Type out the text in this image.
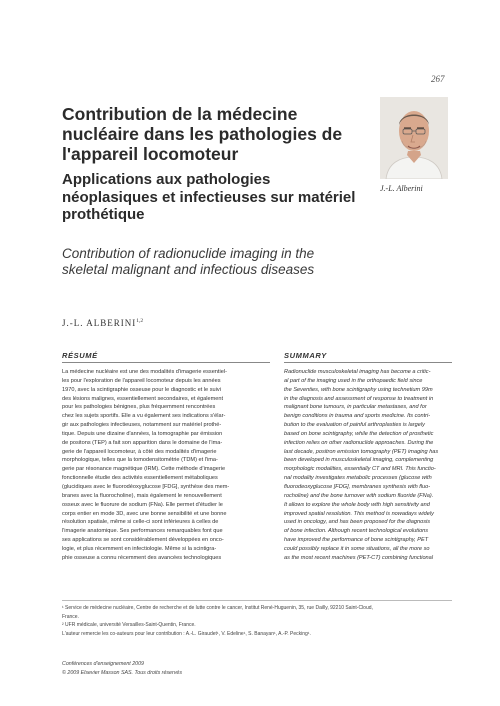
267
Contribution de la médecine nucléaire dans les pathologies de l'appareil locomoteur
Applications aux pathologies néoplasiques et infectieuses sur matériel prothétique
Contribution of radionuclide imaging in the skeletal malignant and infectious diseases
J.-L. Alberini
J.-L. ALBERINI$^{1,2}$
RÉSUMÉ	SUMMARY
La médecine nucléaire est une des modalités d'imagerie essentiel-
les pour l'exploration de l'appareil locomoteur depuis les années
1970, avec la scintigraphie osseuse pour le diagnostic et le suivi
des lésions malignes, essentiellement secondaires, et également
pour les pathologies bénignes, plus fréquemment rencontrées
chez les sujets sportifs. Elle a vu également ses indications s'élar-
gir aux pathologies infectieuses, notamment sur matériel prothé-
tique. Depuis une dizaine d'années, la tomographie par émission
de positons (TEP) a fait son apparition dans le domaine de l'ima-
gerie de l'appareil locomoteur, à côté des modalités d'imagerie
morphologique, telles que la tomodensitométrie (TDM) et l'ima-
gerie par résonance magnétique (IRM). Cette méthode d'imagerie
fonctionnelle étudie des activités essentiellement métaboliques
(glucidiques avec le fluorodéoxyglucose [FDG], synthèse des mem-
branes avec la fluorocholine), mais également le renouvellement
osseux avec le fluorure de sodium (FNa). Elle permet d'étudier le
corps entier en mode 3D, avec une bonne sensibilité et une bonne
résolution spatiale, même si celle-ci sont inférieures à celles de
l'imagerie anatomique. Ses performances remarquables font que
ses applications se sont considérablement développées en onco-
logie, et plus récemment en infectiologie. Même si la scintigra-
phie osseuse a connu récemment des avancées technologiques
Radionuclide musculoskeletal imaging has become a critic-
al part of the imaging used in the orthopaedic field since
the Seventies, with bone scintigraphy using technetium 99m
in the diagnosis and assessment of response to treatment in
malignant bone tumours, in particular metastases, and for
benign conditions in trauma and sports medicine. Its contri-
bution to the evaluation of painful arthroplasties is largely
based on bone scintigraphy, while the detection of prosthetic
infection relies on other radionuclide approaches. During the
last decade, positron emission tomography (PET) imaging has
been developed in musculoskeletal imaging, complementing
morphologic modalities, essentially CT and MRI. This functio-
nal modality investigates metabolic processes (glucose with
fluorodeoxyglucose [FDG], membranes synthesis with fluo-
rocholine) and the bone turnover with sodium fluoride (FNa).
It allows to explore the whole body with high sensitivity and
improved spatial resolution. This method is nowadays widely
used in oncology, and has been proposed for the diagnosis
of bone infection. Although recent technological evolutions
have improved the performance of bone scintigraphy, PET
could possibly replace it in some situations, all the more so
as the most recent machines (PET-CT) combining functional
¹ Service de médecine nucléaire, Centre de recherche et de lutte contre le cancer, Institut René-Huguenin, 35, rue Dailly, 92210 Saint-Cloud,
France.
² UFR médicale, université Versailles-Saint-Quentin, France.
L'auteur remercie les co-auteurs pour leur contribution : A.-L. Giraudet¹, V. Edeline¹, S. Banayan¹, A.-P. Pecking¹.
Conférences d'enseignement 2009
© 2009 Elsevier Masson SAS. Tous droits réservés
